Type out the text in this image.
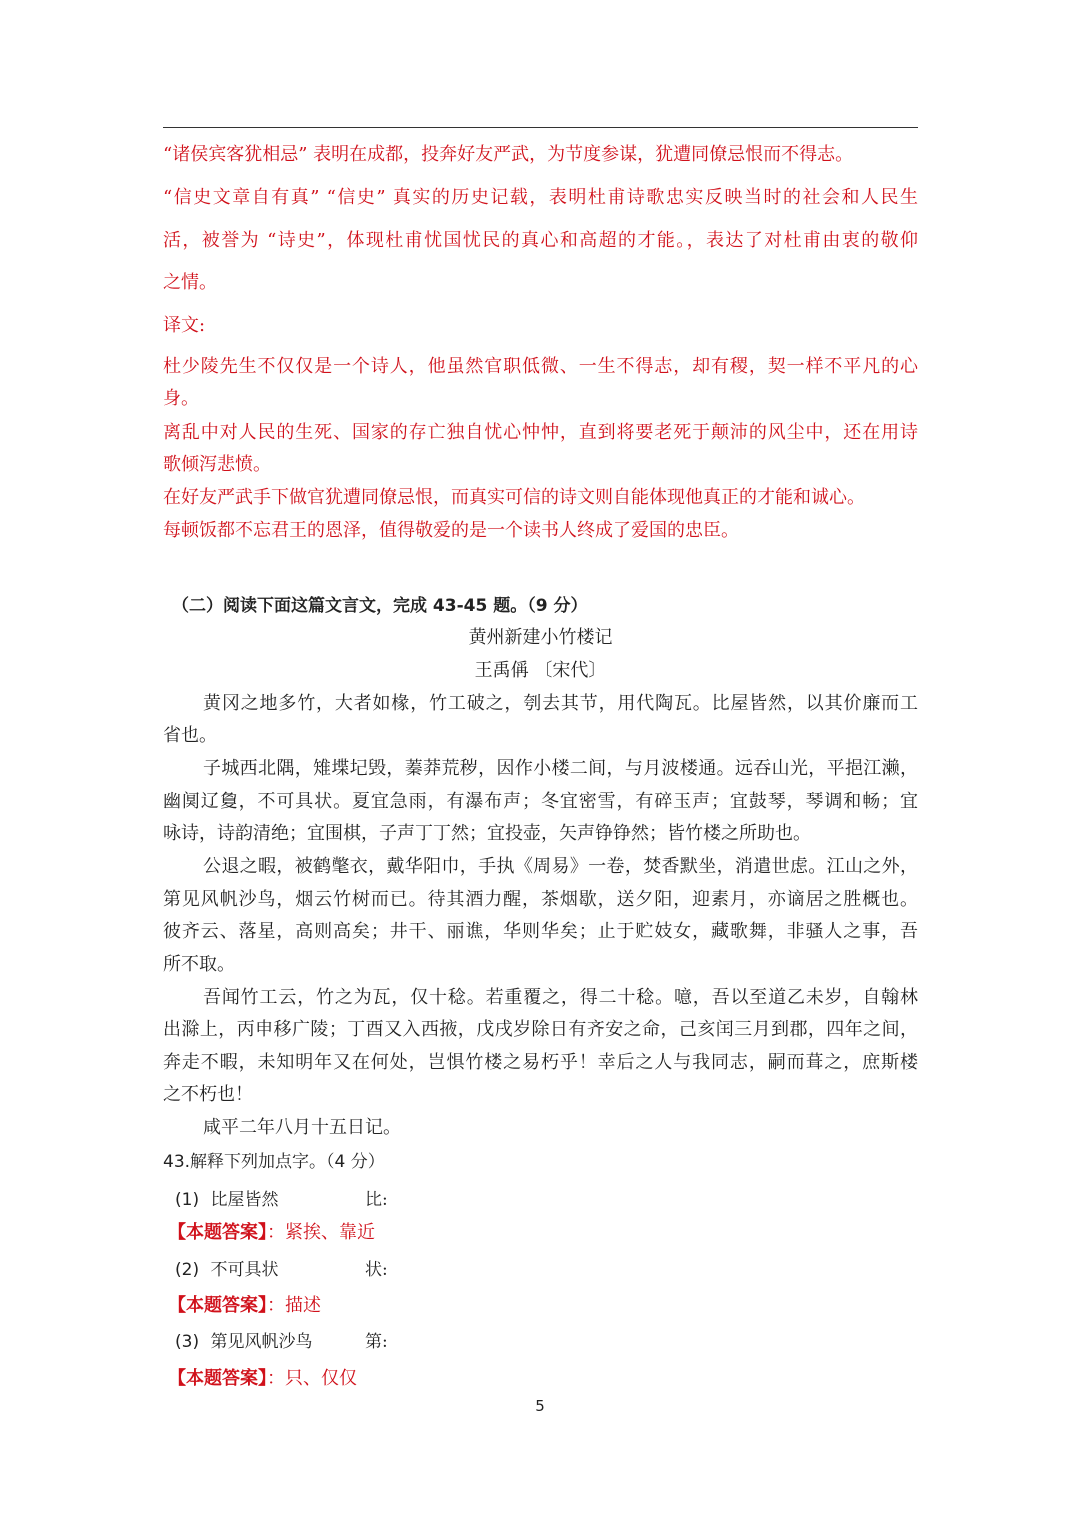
“诸侯宾客犹相忌” 表明在成都，投奔好友严武，为节度参谋，犹遭同僚忌恨而不得志。
“信史文章自有真” “信史” 真实的历史记载，表明杜甫诗歌忠实反映当时的社会和人民生
活，被誉为 “诗史”，体现杜甫忧国忧民的真心和高超的才能。，表达了对杜甫由衷的敬仰
之情。
译文:
杜少陵先生不仅仅是一个诗人，他虽然官职低微、一生不得志，却有稷，契一样不平凡的心
身。
离乱中对人民的生死、国家的存亡独自忧心忡忡，直到将要老死于颠沛的风尘中，还在用诗
歌倾泻悲愤。
在好友严武手下做官犹遭同僚忌恨，而真实可信的诗文则自能体现他真正的才能和诚心。
每顿饭都不忘君王的恩泽，值得敬爱的是一个读书人终成了爱国的忠臣。
（二）阅读下面这篇文言文，完成 43-45 题。（9 分）
黄州新建小竹楼记
王禹偁 〔宋代〕
黄冈之地多竹，大者如椽，竹工破之，刳去其节，用代陶瓦。比屋皆然，以其价廉而工
省也。
子城西北隅，雉堞圮毁，蓁莽荒秽，因作小楼二间，与月波楼通。远吞山光，平挹江濑，
幽阒辽敻，不可具状。夏宜急雨，有瀑布声；冬宜密雪，有碎玉声；宜鼓琴，琴调和畅；宜
咏诗，诗韵清绝；宜围棋，子声丁丁然；宜投壶，矢声铮铮然；皆竹楼之所助也。
公退之暇，被鹤氅衣，戴华阳巾，手执《周易》一卷，焚香默坐，消遣世虑。江山之外，
第见风帆沙鸟，烟云竹树而已。待其酒力醒，茶烟歇，送夕阳，迎素月，亦谪居之胜概也。
彼齐云、落星，高则高矣；井干、丽谯，华则华矣；止于贮妓女，藏歌舞，非骚人之事，吾
所不取。
吾闻竹工云，竹之为瓦，仅十稔。若重覆之，得二十稔。噫，吾以至道乙未岁，自翰林
出滁上，丙申移广陵；丁酉又入西掖，戊戌岁除日有齐安之命，己亥闰三月到郡，四年之间，
奔走不暇，未知明年又在何处，岂惧竹楼之易朽乎！幸后之人与我同志，嗣而葺之，庶斯楼
之不朽也！
咸平二年八月十五日记。
43.解释下列加点字。（4 分）
(1) 比屋皆然	比:
【本题答案】：紧挨、靠近
(2) 不可具状	状:
【本题答案】：描述
(3) 第见风帆沙鸟	第:
【本题答案】：只、仅仅
5
